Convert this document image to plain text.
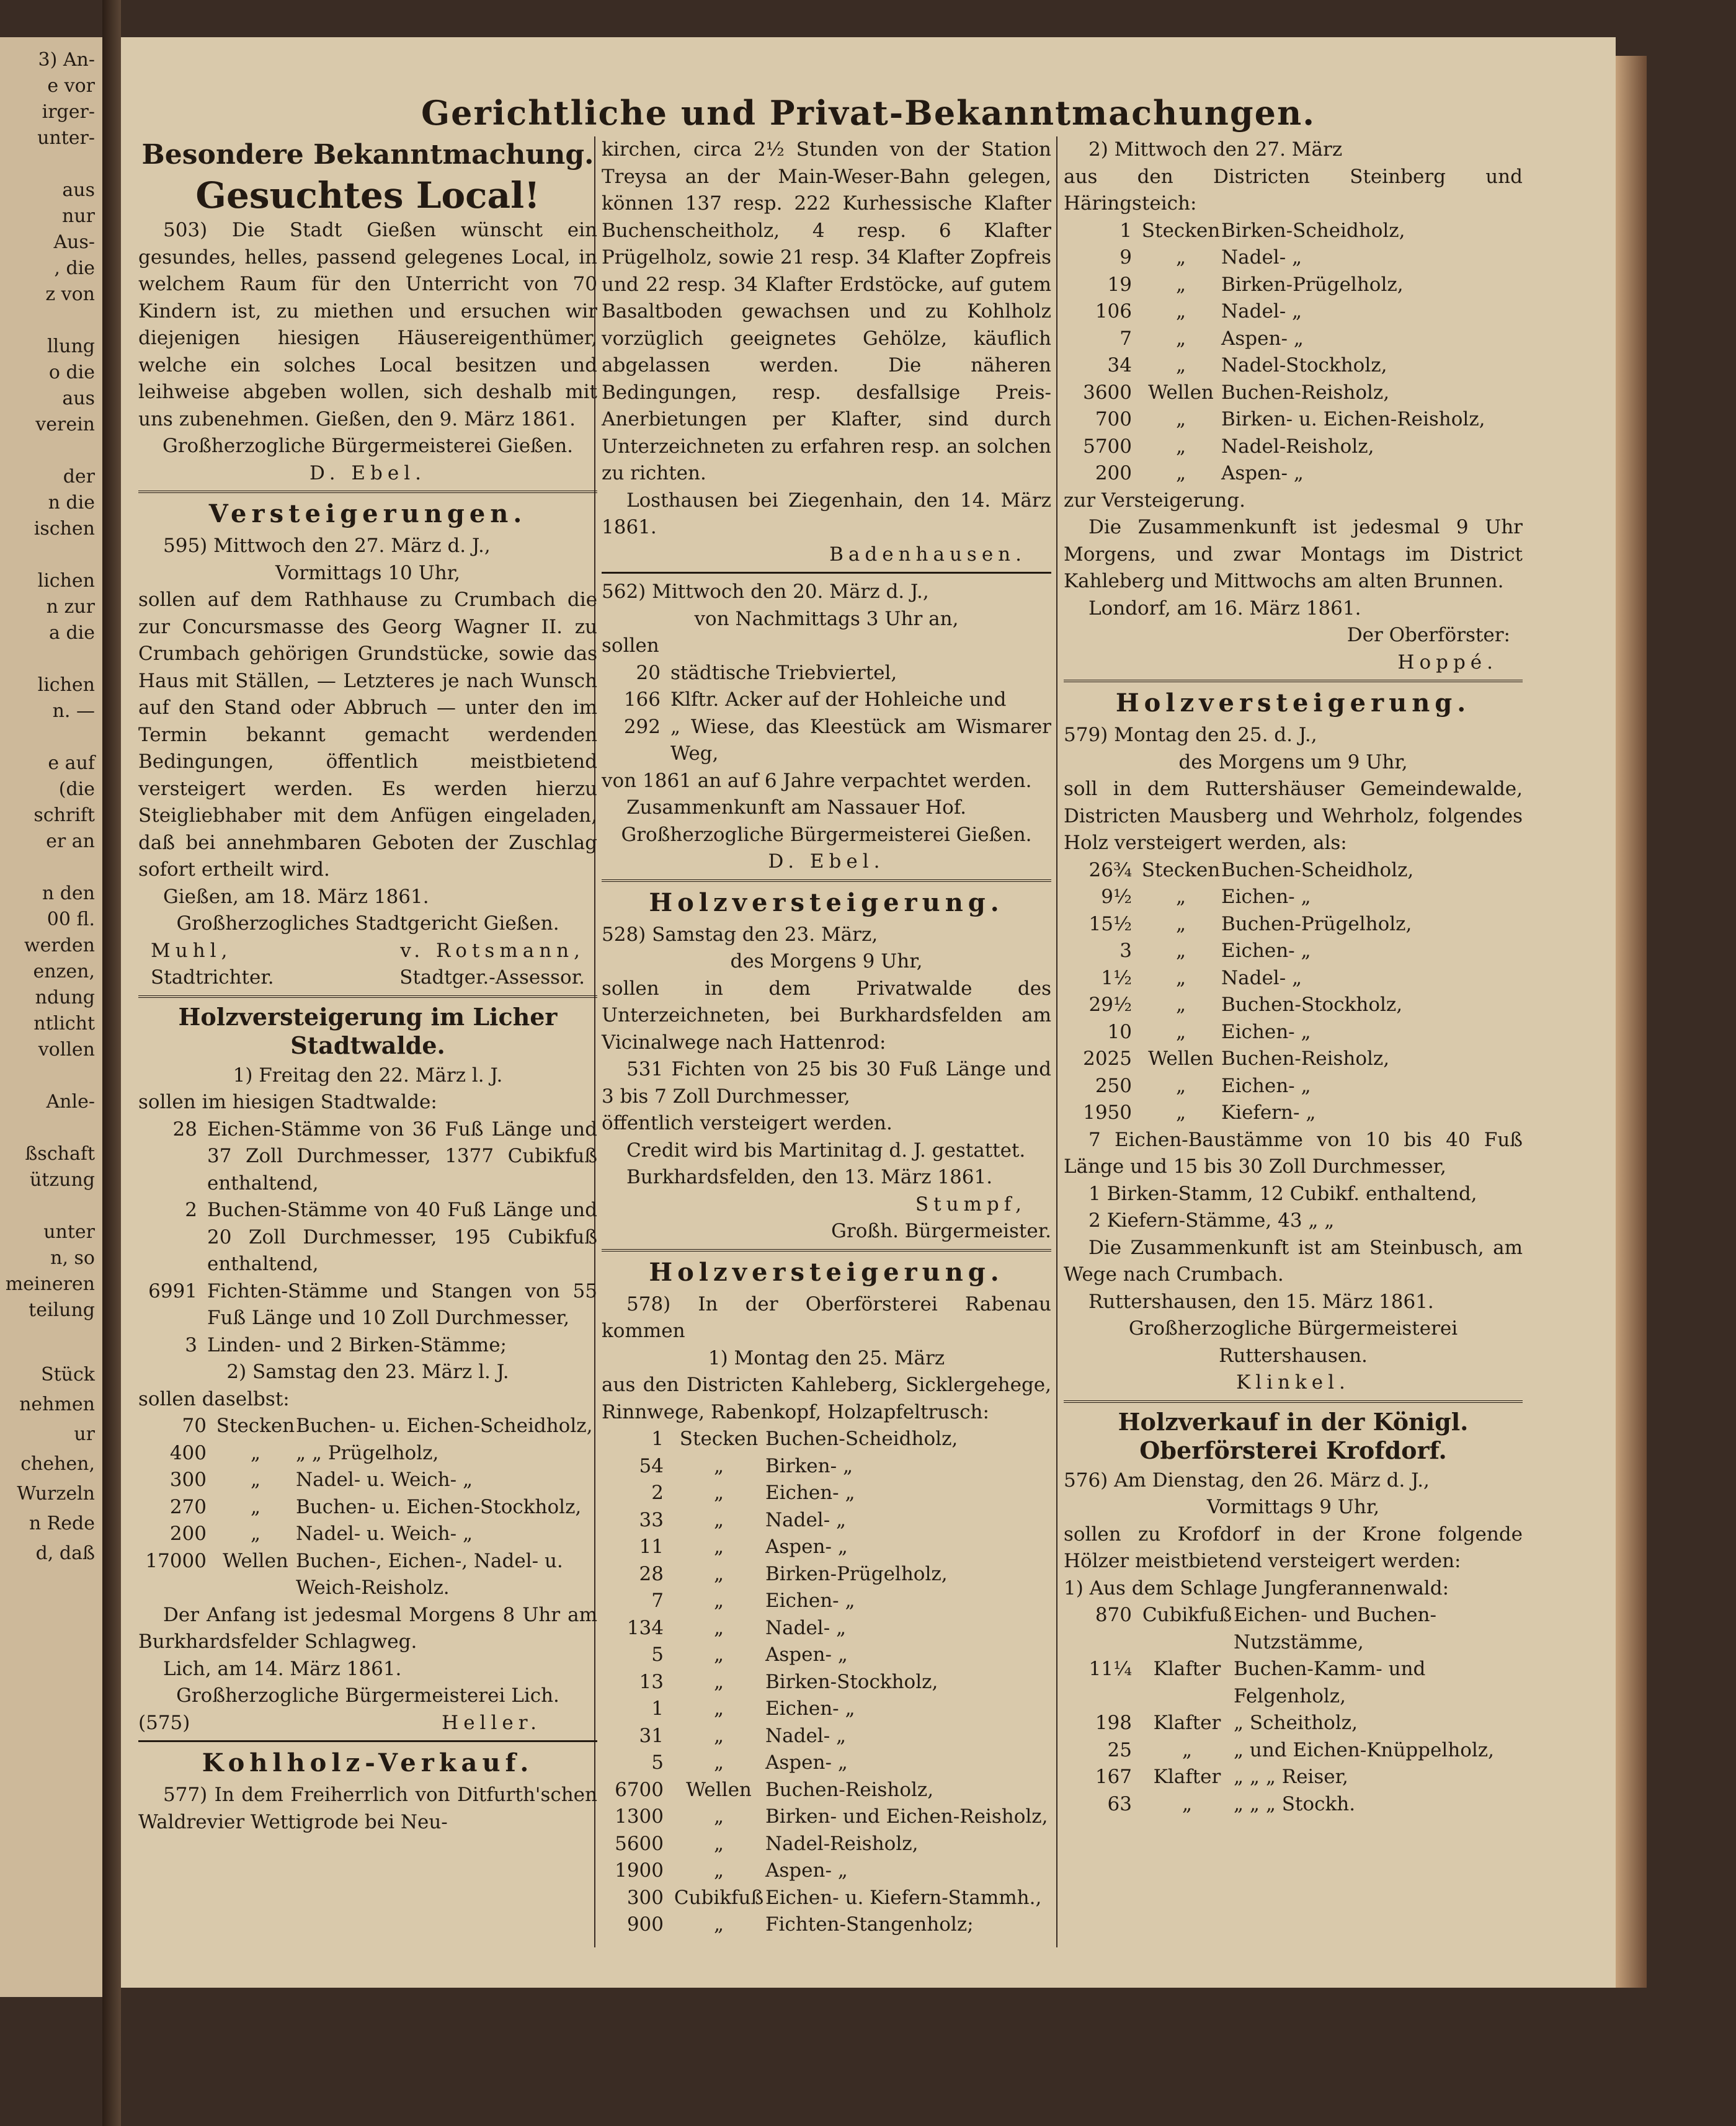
3) An-
e vor
irger-
unter-
aus
nur
Aus-
, die
z von
llung
o die
aus
verein
der
n die
ischen
lichen
n zur
a die
lichen
n. —
e auf
(die
schrift
er an
n den
00 fl.
werden
enzen,
ndung
ntlicht
vollen
Anle-
ßschaft
ützung
unter
n, so
meineren
teilung
Stück
nehmen
ur
chehen,
Wurzeln
n Rede
d, daß
Gerichtliche und Privat-Bekanntmachungen.
Besondere Bekanntmachung.
Gesuchtes Local!

503) Die Stadt Gießen wünscht ein gesundes, helles, passend gelegenes Local, in welchem Raum für den Unterricht von 70 Kindern ist, zu miethen und ersuchen wir diejenigen hiesigen Häusereigenthümer, welche ein solches Local besitzen und leihweise abgeben wollen, sich deshalb mit uns zubenehmen. Gießen, den 9. März 1861.

Großherzogliche Bürgermeisterei Gießen.

D. Ebel.

Versteigerungen.

595) Mittwoch den 27. März d. J.,

Vormittags 10 Uhr,

sollen auf dem Rathhause zu Crumbach die zur Concursmasse des Georg Wagner II. zu Crumbach gehörigen Grundstücke, sowie das Haus mit Ställen, — Letzteres je nach Wunsch auf den Stand oder Abbruch — unter den im Termin bekannt gemacht werdenden Bedingungen, öffentlich meistbietend versteigert werden. Es werden hierzu Steigliebhaber mit dem Anfügen eingeladen, daß bei annehmbaren Geboten der Zuschlag sofort ertheilt wird.

Gießen, am 18. März 1861.

Großherzogliches Stadtgericht Gießen.

Muhl,	v. Rotsmann,
Stadtrichter.	Stadtger.-Assessor.
Holzversteigerung im Licher Stadtwalde.

1) Freitag den 22. März l. J.

sollen im hiesigen Stadtwalde:

28 Eichen-Stämme von 36 Fuß Länge und 37 Zoll Durchmesser, 1377 Cubikfuß enthaltend,
2 Buchen-Stämme von 40 Fuß Länge und 20 Zoll Durchmesser, 195 Cubikfuß enthaltend,
6991 Fichten-Stämme und Stangen von 55 Fuß Länge und 10 Zoll Durchmesser,
3 Linden- und 2 Birken-Stämme;

2) Samstag den 23. März l. J.

sollen daselbst:

70	Stecken	Buchen- u. Eichen-Scheidholz,
400	„	„ „ Prügelholz,
300	„	Nadel- u. Weich- „
270	„	Buchen- u. Eichen-Stockholz,
200	„	Nadel- u. Weich- „
17000	Wellen	Buchen-, Eichen-, Nadel- u. Weich-Reisholz.

Der Anfang ist jedesmal Morgens 8 Uhr am Burkhardsfelder Schlagweg.

Lich, am 14. März 1861.

Großherzogliche Bürgermeisterei Lich.

(575)	Heller.
Kohlholz-Verkauf.

577) In dem Freiherrlich von Ditfurth'schen Waldrevier Wettigrode bei Neu-

kirchen, circa 2½ Stunden von der Station Treysa an der Main-Weser-Bahn gelegen, können 137 resp. 222 Kurhessische Klafter Buchenscheitholz, 4 resp. 6 Klafter Prügelholz, sowie 21 resp. 34 Klafter Zopfreis und 22 resp. 34 Klafter Erdstöcke, auf gutem Basaltboden gewachsen und zu Kohlholz vorzüglich geeignetes Gehölze, käuflich abgelassen werden. Die näheren Bedingungen, resp. desfallsige Preis-Anerbietungen per Klafter, sind durch Unterzeichneten zu erfahren resp. an solchen zu richten.

Losthausen bei Ziegenhain, den 14. März 1861.

Badenhausen.

562) Mittwoch den 20. März d. J.,

von Nachmittags 3 Uhr an,

sollen

20 städtische Triebviertel,
166 Klftr. Acker auf der Hohleiche und
292 „ Wiese, das Kleestück am Wismarer Weg,

von 1861 an auf 6 Jahre verpachtet werden.

Zusammenkunft am Nassauer Hof.

Großherzogliche Bürgermeisterei Gießen.

D. Ebel.

Holzversteigerung.

528) Samstag den 23. März,

des Morgens 9 Uhr,

sollen in dem Privatwalde des Unterzeichneten, bei Burkhardsfelden am Vicinalwege nach Hattenrod:

531 Fichten von 25 bis 30 Fuß Länge und 3 bis 7 Zoll Durchmesser,

öffentlich versteigert werden.

Credit wird bis Martinitag d. J. gestattet.

Burkhardsfelden, den 13. März 1861.

Stumpf,

Großh. Bürgermeister.

Holzversteigerung.

578) In der Oberförsterei Rabenau kommen

1) Montag den 25. März

aus den Districten Kahleberg, Sicklergehege, Rinnwege, Rabenkopf, Holzapfeltrusch:

1	Stecken	Buchen-Scheidholz,
54	„	Birken- „
2	„	Eichen- „
33	„	Nadel- „
11	„	Aspen- „
28	„	Birken-Prügelholz,
7	„	Eichen- „
134	„	Nadel- „
5	„	Aspen- „
13	„	Birken-Stockholz,
1	„	Eichen- „
31	„	Nadel- „
5	„	Aspen- „
6700	Wellen	Buchen-Reisholz,
1300	„	Birken- und Eichen-Reisholz,
5600	„	Nadel-Reisholz,
1900	„	Aspen- „
300	Cubikfuß	Eichen- u. Kiefern-Stammh.,
900	„	Fichten-Stangenholz;

2) Mittwoch den 27. März

aus den Districten Steinberg und Häringsteich:

1	Stecken	Birken-Scheidholz,
9	„	Nadel- „
19	„	Birken-Prügelholz,
106	„	Nadel- „
7	„	Aspen- „
34	„	Nadel-Stockholz,
3600	Wellen	Buchen-Reisholz,
700	„	Birken- u. Eichen-Reisholz,
5700	„	Nadel-Reisholz,
200	„	Aspen- „

zur Versteigerung.

Die Zusammenkunft ist jedesmal 9 Uhr Morgens, und zwar Montags im District Kahleberg und Mittwochs am alten Brunnen.

Londorf, am 16. März 1861.

Der Oberförster:

Hoppé.

Holzversteigerung.

579) Montag den 25. d. J.,

des Morgens um 9 Uhr,

soll in dem Ruttershäuser Gemeindewalde, Districten Mausberg und Wehrholz, folgendes Holz versteigert werden, als:

26¾	Stecken	Buchen-Scheidholz,
9½	„	Eichen- „
15½	„	Buchen-Prügelholz,
3	„	Eichen- „
1½	„	Nadel- „
29½	„	Buchen-Stockholz,
10	„	Eichen- „
2025	Wellen	Buchen-Reisholz,
250	„	Eichen- „
1950	„	Kiefern- „

7 Eichen-Baustämme von 10 bis 40 Fuß Länge und 15 bis 30 Zoll Durchmesser,

1 Birken-Stamm, 12 Cubikf. enthaltend,

2 Kiefern-Stämme, 43 „ „

Die Zusammenkunft ist am Steinbusch, am Wege nach Crumbach.

Ruttershausen, den 15. März 1861.

Großherzogliche Bürgermeisterei

Ruttershausen.

Klinkel.

Holzverkauf in der Königl. Oberförsterei Krofdorf.

576) Am Dienstag, den 26. März d. J.,

Vormittags 9 Uhr,

sollen zu Krofdorf in der Krone folgende Hölzer meistbietend versteigert werden:

1) Aus dem Schlage Jungferannenwald:

870	Cubikfuß	Eichen- und Buchen-Nutzstämme,
11¼	Klafter	Buchen-Kamm- und Felgenholz,
198	Klafter	„ Scheitholz,
25	„	„ und Eichen-Knüppelholz,
167	Klafter	„ „ „ Reiser,
63	„	„ „ „ Stockh.
